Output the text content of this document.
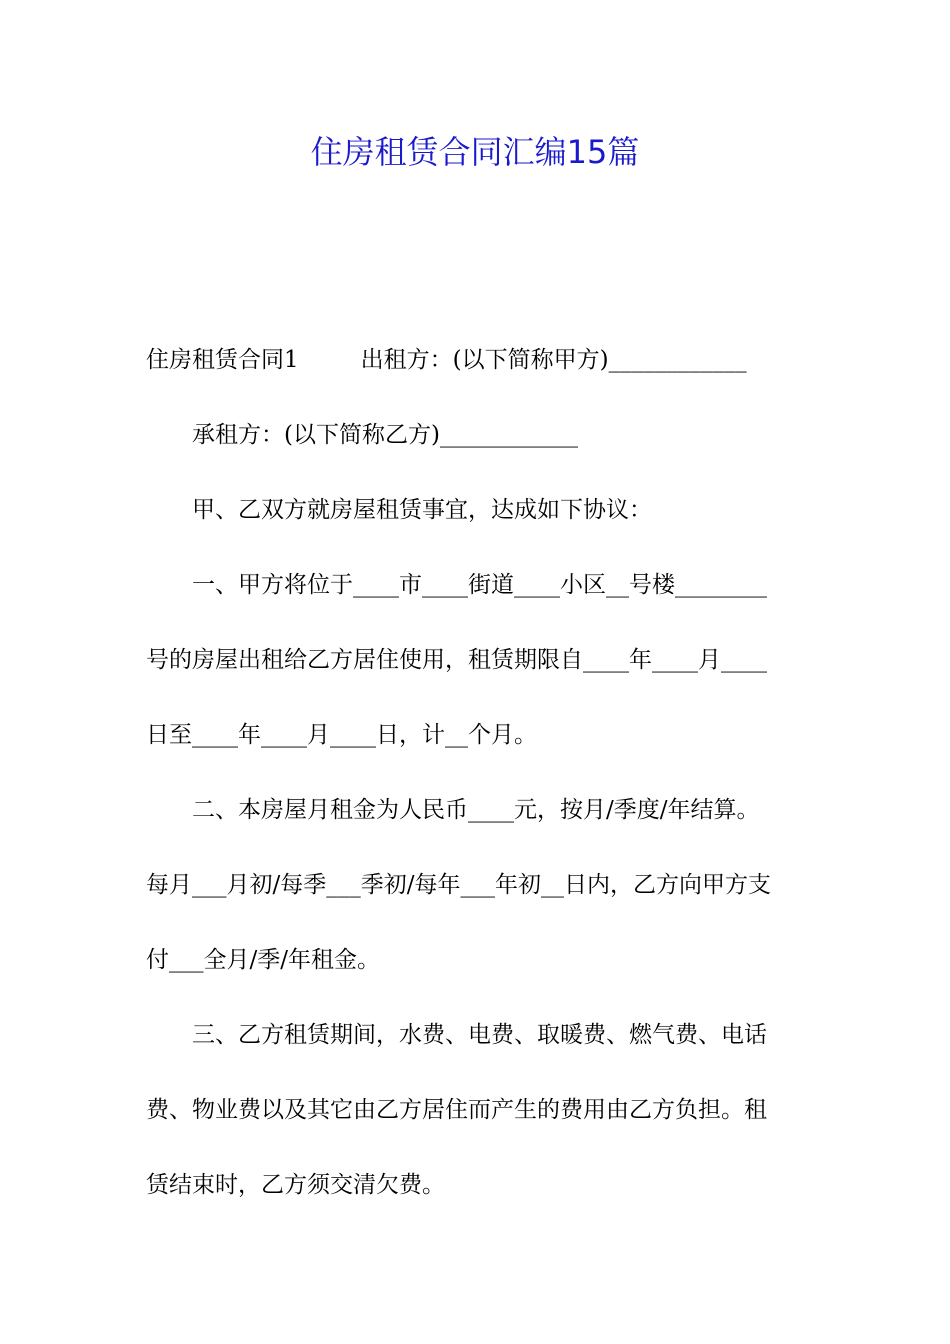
住房租赁合同汇编15篇
住房租赁合同1	出租方：(以下简称甲方)____________
承租方：(以下简称乙方)____________
甲、乙双方就房屋租赁事宜，达成如下协议：
一、甲方将位于____市____街道____小区__号楼________
号的房屋出租给乙方居住使用，租赁期限自____年____月____
日至____年____月____日，计__个月。
二、本房屋月租金为人民币____元，按月/季度/年结算。
每月___月初/每季___季初/每年___年初__日内，乙方向甲方支
付___全月/季/年租金。
三、乙方租赁期间，水费、电费、取暖费、燃气费、电话
费、物业费以及其它由乙方居住而产生的费用由乙方负担。租
赁结束时，乙方须交清欠费。
